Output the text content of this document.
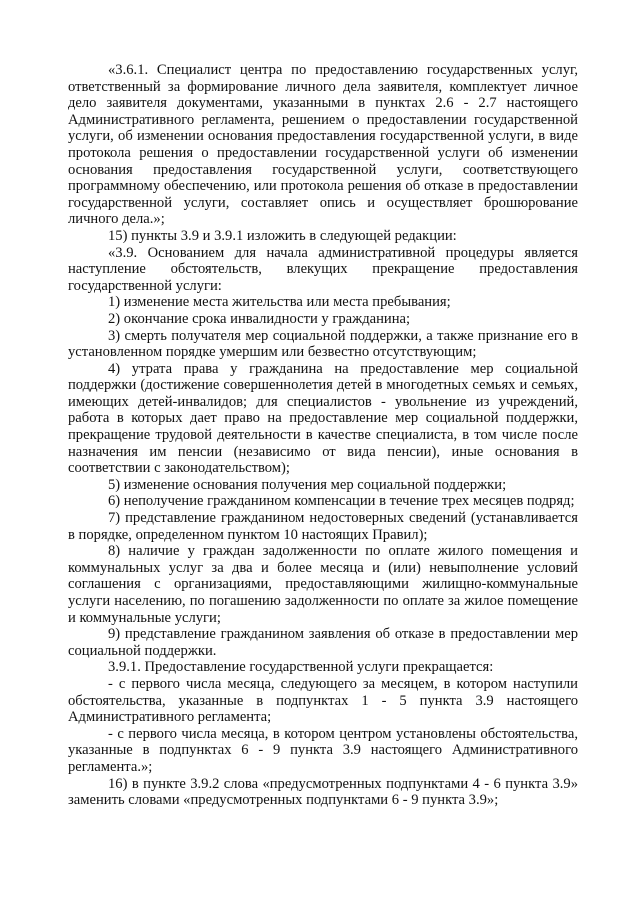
«3.6.1. Специалист центра по предоставлению государственных услуг, ответственный за формирование личного дела заявителя, комплектует личное дело заявителя документами, указанными в пунктах 2.6 - 2.7 настоящего Административного регламента, решением о предоставлении государственной услуги, об изменении основания предоставления государственной услуги, в виде протокола решения о предоставлении государственной услуги об изменении основания предоставления государственной услуги, соответствующего программному обеспечению, или протокола решения об отказе в предоставлении государственной услуги, составляет опись и осуществляет брошюрование личного дела.»;

15) пункты 3.9 и 3.9.1 изложить в следующей редакции:

«3.9. Основанием для начала административной процедуры является наступление обстоятельств, влекущих прекращение предоставления государственной услуги:

1) изменение места жительства или места пребывания;

2) окончание срока инвалидности у гражданина;

3) смерть получателя мер социальной поддержки, а также признание его в установленном порядке умершим или безвестно отсутствующим;

4) утрата права у гражданина на предоставление мер социальной поддержки (достижение совершеннолетия детей в многодетных семьях и семьях, имеющих детей-инвалидов; для специалистов - увольнение из учреждений, работа в которых дает право на предоставление мер социальной поддержки, прекращение трудовой деятельности в качестве специалиста, в том числе после назначения им пенсии (независимо от вида пенсии), иные основания в соответствии с законодательством);

5) изменение основания получения мер социальной поддержки;

6) неполучение гражданином компенсации в течение трех месяцев подряд;

7) представление гражданином недостоверных сведений (устанавливается в порядке, определенном пунктом 10 настоящих Правил);

8) наличие у граждан задолженности по оплате жилого помещения и коммунальных услуг за два и более месяца и (или) невыполнение условий соглашения с организациями, предоставляющими жилищно-коммунальные услуги населению, по погашению задолженности по оплате за жилое помещение и коммунальные услуги;

9) представление гражданином заявления об отказе в предоставлении мер социальной поддержки.

3.9.1. Предоставление государственной услуги прекращается:

- с первого числа месяца, следующего за месяцем, в котором наступили обстоятельства, указанные в подпунктах 1 - 5 пункта 3.9 настоящего Административного регламента;

- с первого числа месяца, в котором центром установлены обстоятельства, указанные в подпунктах 6 - 9 пункта 3.9 настоящего Административного регламента.»;

16) в пункте 3.9.2 слова «предусмотренных подпунктами 4 - 6 пункта 3.9» заменить словами «предусмотренных подпунктами 6 - 9 пункта 3.9»;
